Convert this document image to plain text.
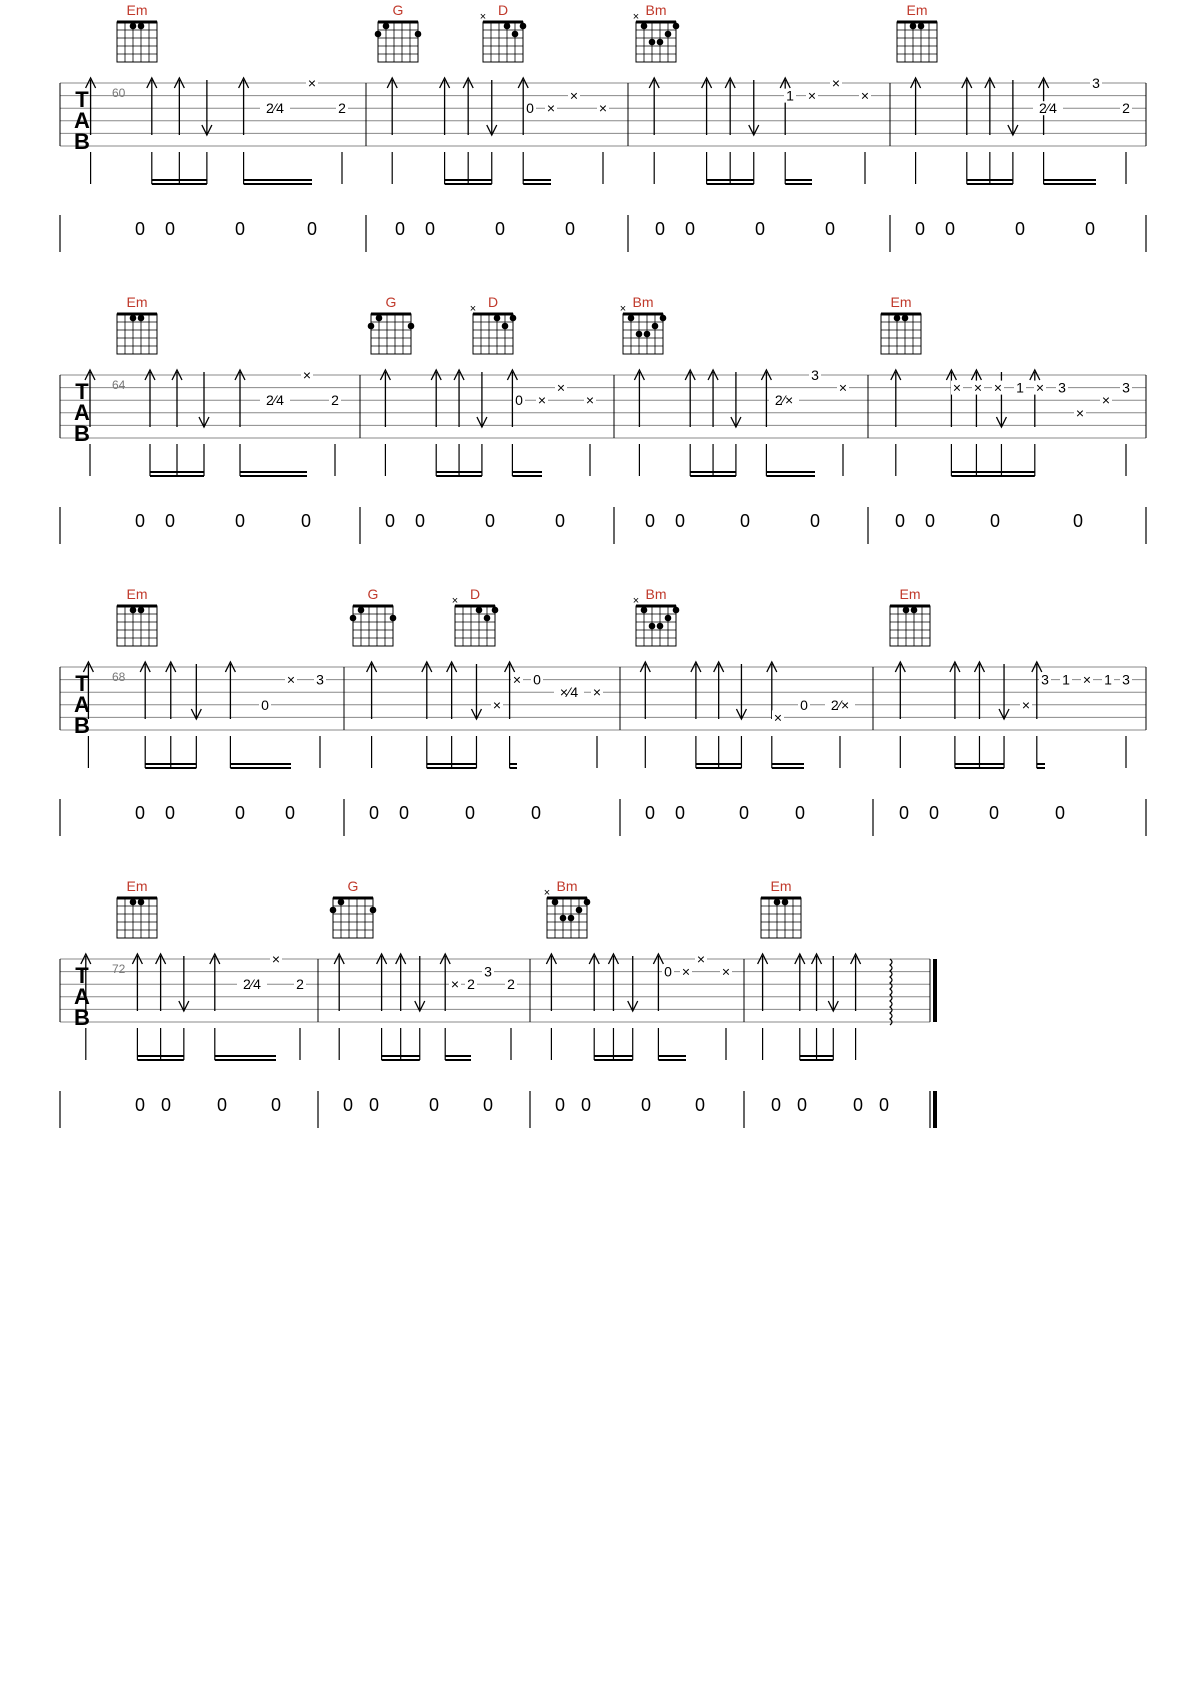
T
A
B
60
2⁄4
×
2
0 0	0	0
0 ×
×
×
0 0	0	0
1 ×
×
×
0 0	0	0
2⁄4
3
2
0 0	0	0
Em	G	D
×	Bm
×	Em
T
A
B
64
2⁄4
×
2
0 0	0	0
0 ×
×
×
0 0	0	0
2⁄×
3
×
0 0	0	0
× × × 1 × 3
×
×
3
0 0	0	0
Em	G	D
×	Bm
×	Em
T
A
B
68
0
× 3
0 0	0 0
×
× 0
×⁄4 ×
0 0	0	0
×
0 2⁄×
0 0	0	0
×
3 1 × 1 3
0 0	0	0
Em	G	D
×	Bm
×	Em
T
A
B
72
2⁄4
×
2
0 0	0 0
× 2
3
2
0 0	0 0
0 ×
×
×
0 0	0 0	0 0	0 0
Em	G	Bm
×	Em
